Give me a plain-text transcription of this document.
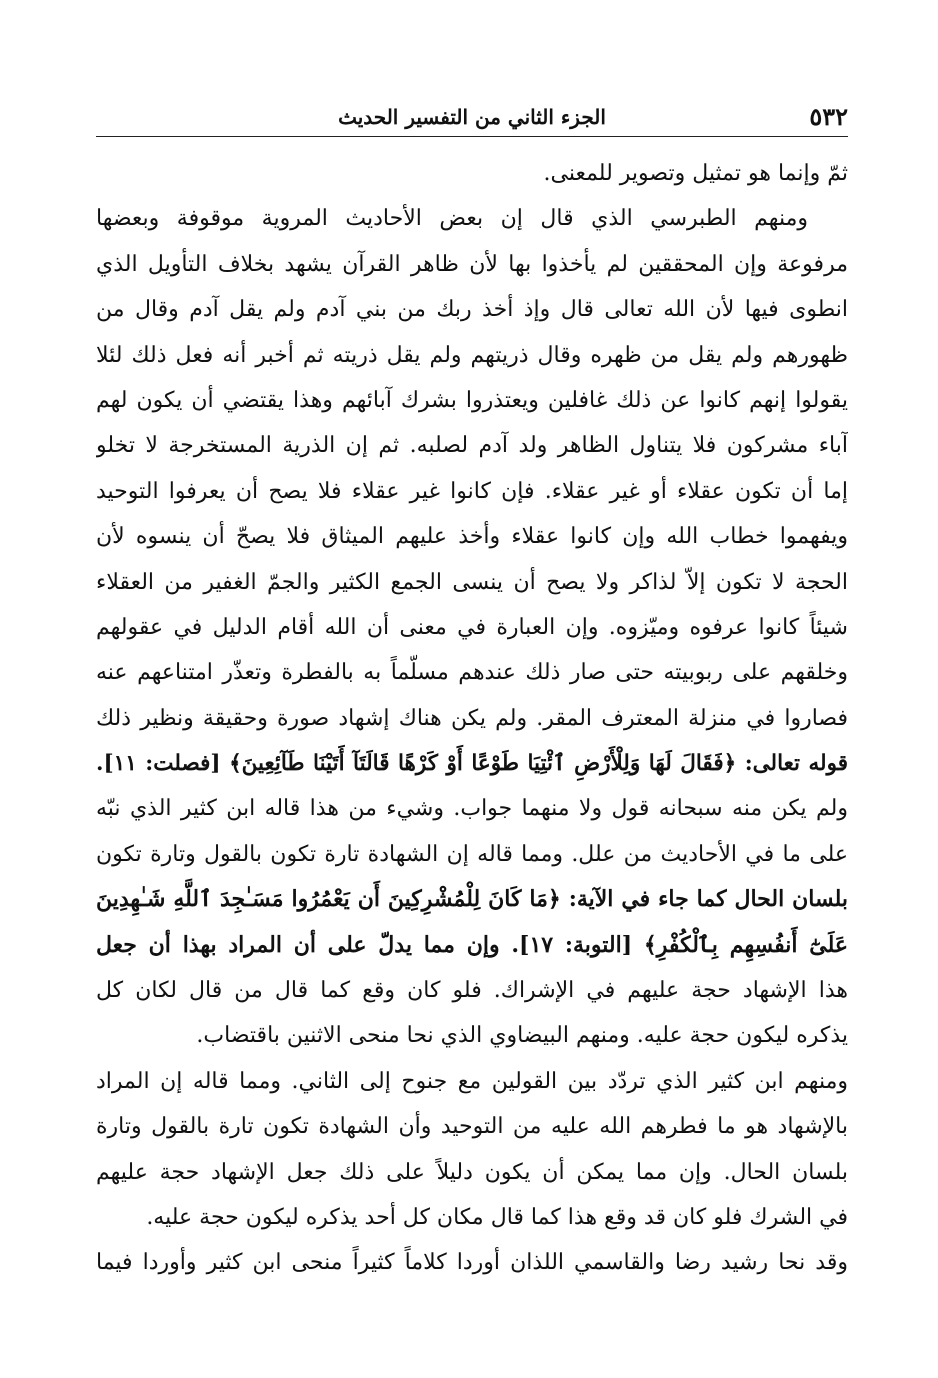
٥٣٢
الجزء الثاني من التفسير الحديث
ثمّ وإنما هو تمثيل وتصوير للمعنى.
ومنهم الطبرسي الذي قال إن بعض الأحاديث المروية موقوفة وبعضها
مرفوعة وإن المحققين لم يأخذوا بها لأن ظاهر القرآن يشهد بخلاف التأويل الذي
انطوى فيها لأن الله تعالى قال وإذ أخذ ربك من بني آدم ولم يقل آدم وقال من
ظهورهم ولم يقل من ظهره وقال ذريتهم ولم يقل ذريته ثم أخبر أنه فعل ذلك لئلا
يقولوا إنهم كانوا عن ذلك غافلين ويعتذروا بشرك آبائهم وهذا يقتضي أن يكون لهم
آباء مشركون فلا يتناول الظاهر ولد آدم لصلبه. ثم إن الذرية المستخرجة لا تخلو
إما أن تكون عقلاء أو غير عقلاء. فإن كانوا غير عقلاء فلا يصح أن يعرفوا التوحيد
ويفهموا خطاب الله وإن كانوا عقلاء وأخذ عليهم الميثاق فلا يصحّ أن ينسوه لأن
الحجة لا تكون إلاّ لذاكر ولا يصح أن ينسى الجمع الكثير والجمّ الغفير من العقلاء
شيئاً كانوا عرفوه وميّزوه. وإن العبارة في معنى أن الله أقام الدليل في عقولهم
وخلقهم على ربوبيته حتى صار ذلك عندهم مسلّماً به بالفطرة وتعذّر امتناعهم عنه
فصاروا في منزلة المعترف المقر. ولم يكن هناك إشهاد صورة وحقيقة ونظير ذلك
قوله تعالى: ﴿فَقَالَ لَهَا وَلِلْأَرْضِ ٱئْتِيَا طَوْعًا أَوْ كَرْهًا قَالَتَآ أَتَيْنَا طَآئِعِينَ﴾ [فصلت: ١١].
ولم يكن منه سبحانه قول ولا منهما جواب. وشيء من هذا قاله ابن كثير الذي نبّه
على ما في الأحاديث من علل. ومما قاله إن الشهادة تارة تكون بالقول وتارة تكون
بلسان الحال كما جاء في الآية: ﴿مَا كَانَ لِلْمُشْرِكِينَ أَن يَعْمُرُوا مَسَـٰجِدَ ٱللَّهِ شَـٰهِدِينَ
عَلَىٰٓ أَنفُسِهِم بِٱلْكُفْرِ﴾ [التوبة: ١٧]. وإن مما يدلّ على أن المراد بهذا أن جعل
هذا الإشهاد حجة عليهم في الإشراك. فلو كان وقع كما قال من قال لكان كل
يذكره ليكون حجة عليه. ومنهم البيضاوي الذي نحا منحى الاثنين باقتضاب.
ومنهم ابن كثير الذي تردّد بين القولين مع جنوح إلى الثاني. ومما قاله إن المراد
بالإشهاد هو ما فطرهم الله عليه من التوحيد وأن الشهادة تكون تارة بالقول وتارة
بلسان الحال. وإن مما يمكن أن يكون دليلاً على ذلك جعل الإشهاد حجة عليهم
في الشرك فلو كان قد وقع هذا كما قال مكان كل أحد يذكره ليكون حجة عليه.
وقد نحا رشيد رضا والقاسمي اللذان أوردا كلاماً كثيراً منحى ابن كثير وأوردا فيما
